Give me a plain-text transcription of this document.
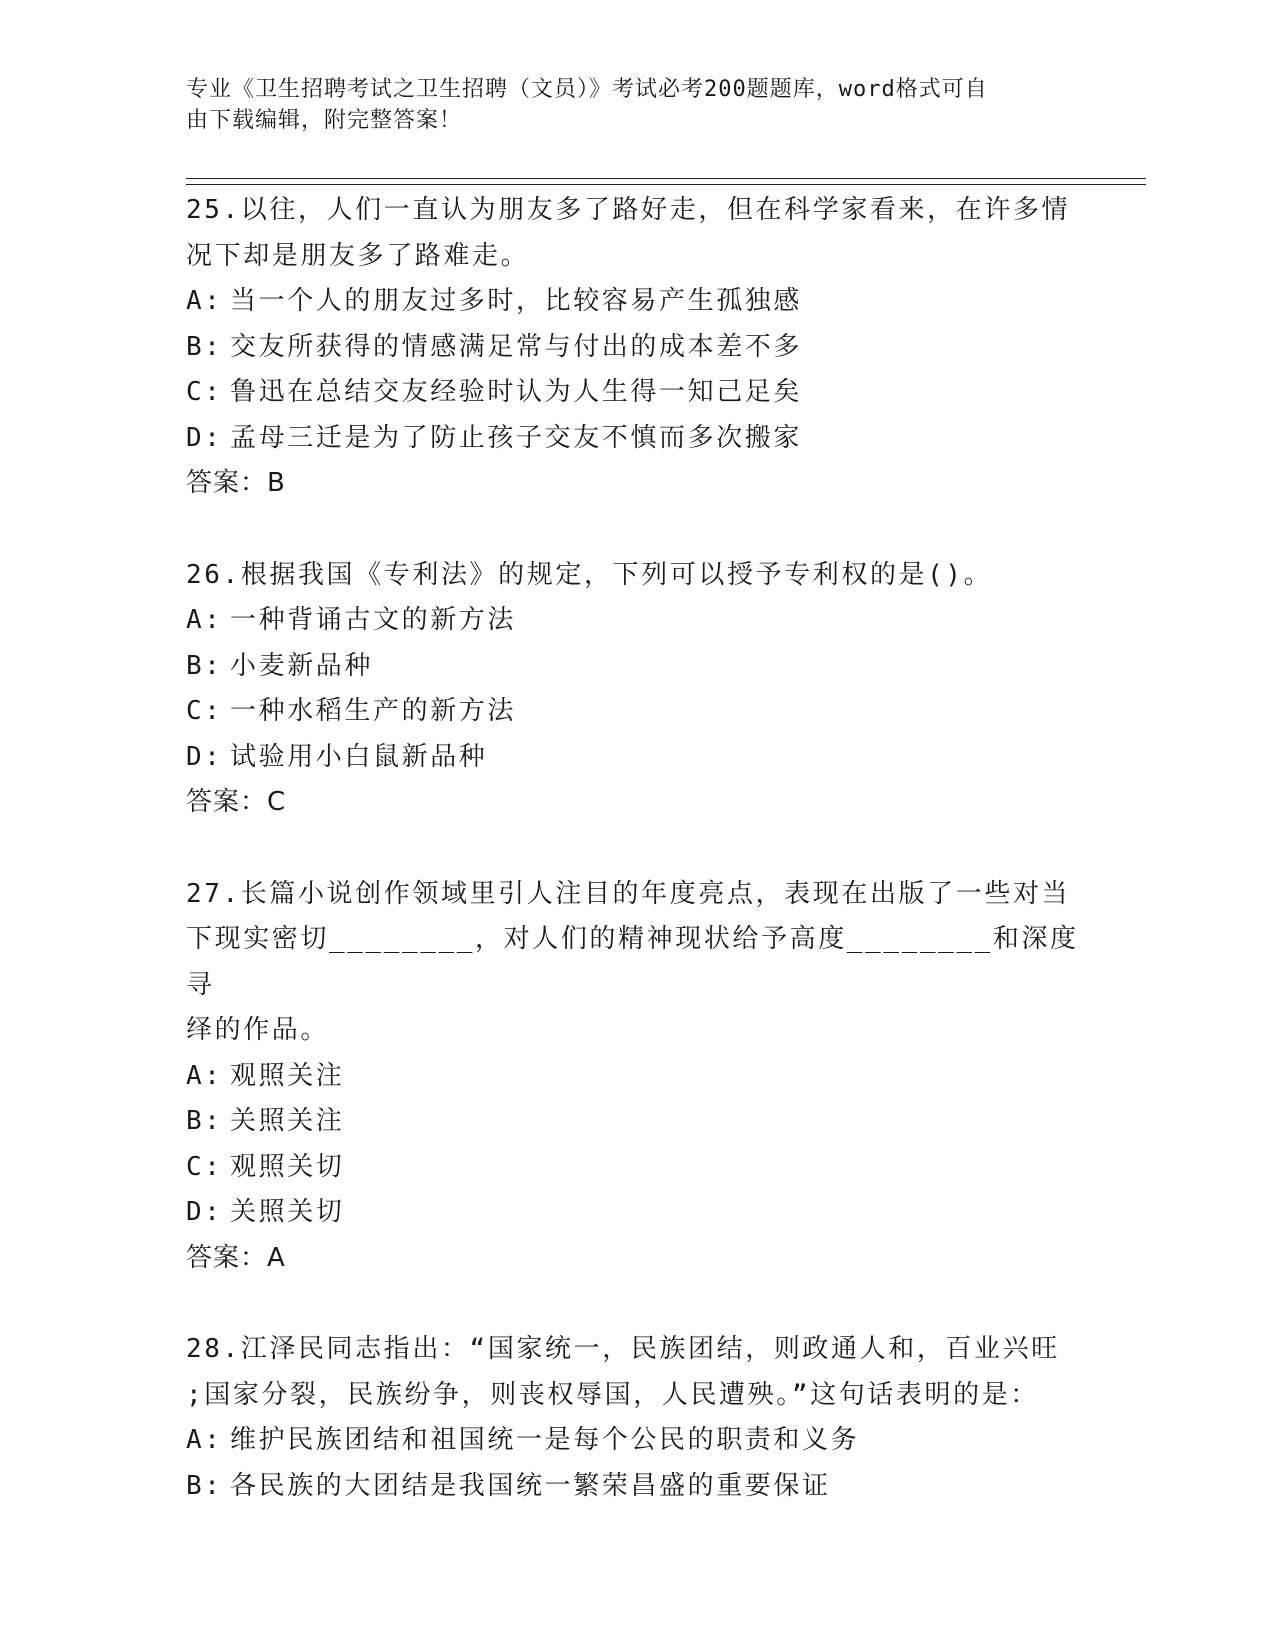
专业《卫生招聘考试之卫生招聘（文员）》考试必考200题题库，word格式可自
由下载编辑，附完整答案！
25.以往，人们一直认为朋友多了路好走，但在科学家看来，在许多情
况下却是朋友多了路难走。
A: 当一个人的朋友过多时，比较容易产生孤独感
B: 交友所获得的情感满足常与付出的成本差不多
C: 鲁迅在总结交友经验时认为人生得一知己足矣
D: 孟母三迁是为了防止孩子交友不慎而多次搬家
答案：B
26.根据我国《专利法》的规定，下列可以授予专利权的是()。
A: 一种背诵古文的新方法
B: 小麦新品种
C: 一种水稻生产的新方法
D: 试验用小白鼠新品种
答案：C
27.长篇小说创作领域里引人注目的年度亮点，表现在出版了一些对当
下现实密切________，对人们的精神现状给予高度________和深度寻
绎的作品。
A: 观照关注
B: 关照关注
C: 观照关切
D: 关照关切
答案：A
28.江泽民同志指出：“国家统一，民族团结，则政通人和，百业兴旺
;国家分裂，民族纷争，则丧权辱国，人民遭殃。”这句话表明的是：
A: 维护民族团结和祖国统一是每个公民的职责和义务
B: 各民族的大团结是我国统一繁荣昌盛的重要保证
